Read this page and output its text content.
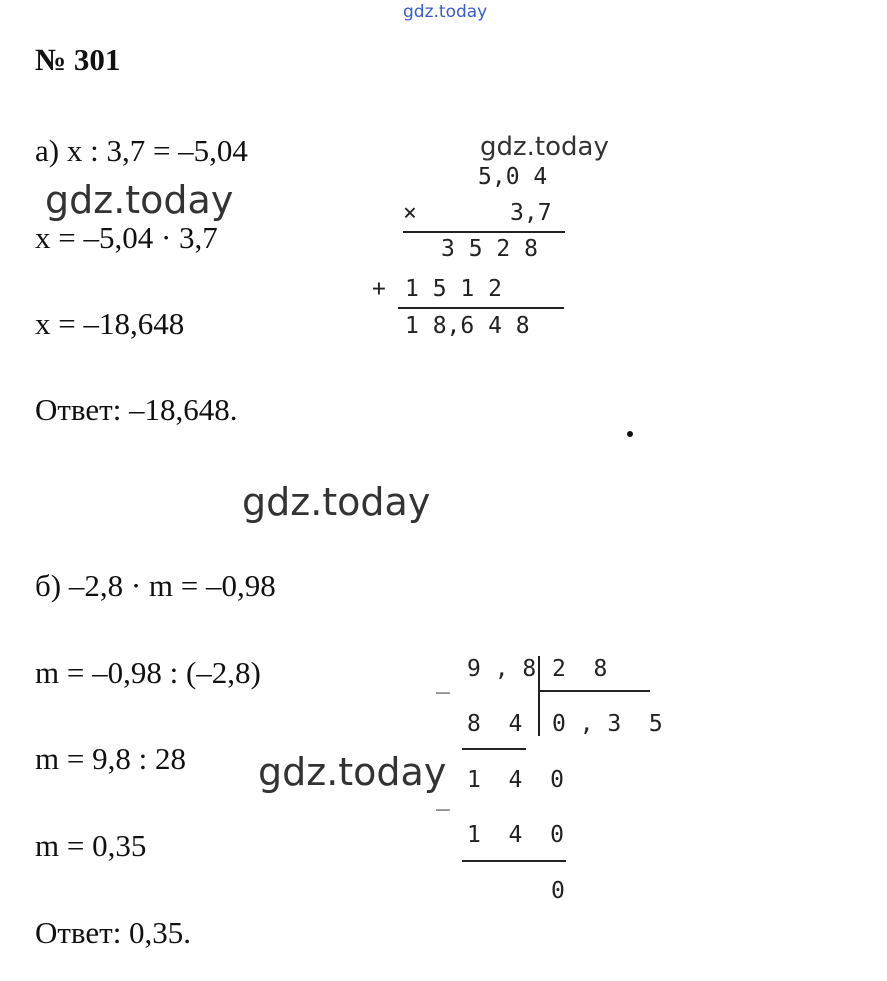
gdz.today
gdz.today
gdz.today
gdz.today
gdz.today
№ 301
а) x : 3,7 = –5,04
x = –5,04 · 3,7
x = –18,648
Ответ: –18,648.
5,0 4
×	3,7
3 5 2 8
+ 1 5 1 2
1 8,6 4 8
б) –2,8 · m = –0,98
m = –0,98 : (–2,8)
m = 9,8 : 28
m = 0,35
Ответ: 0,35.
_ 9 , 8 2  8
8  4 0 , 3  5
1  4  0
_
1  4  0
0
